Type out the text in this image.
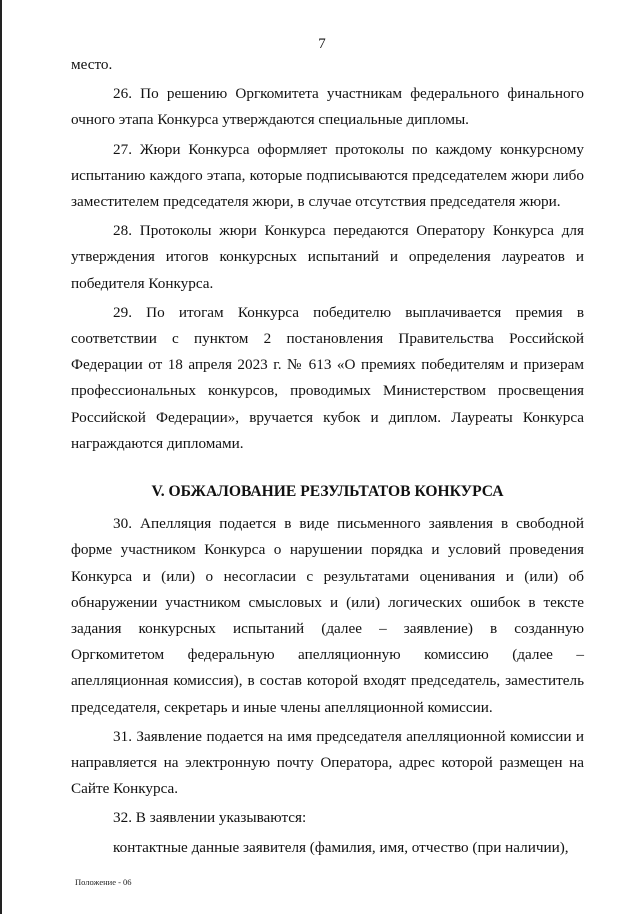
7

место.

26. По решению Оргкомитета участникам федерального финального очного этапа Конкурса утверждаются специальные дипломы.

27. Жюри Конкурса оформляет протоколы по каждому конкурсному испытанию каждого этапа, которые подписываются председателем жюри либо заместителем председателя жюри, в случае отсутствия председателя жюри.

28. Протоколы жюри Конкурса передаются Оператору Конкурса для утверждения итогов конкурсных испытаний и определения лауреатов и победителя Конкурса.

29. По итогам Конкурса победителю выплачивается премия в соответствии с пунктом 2 постановления Правительства Российской Федерации от 18 апреля 2023 г. № 613 «О премиях победителям и призерам профессиональных конкурсов, проводимых Министерством просвещения Российской Федерации», вручается кубок и диплом. Лауреаты Конкурса награждаются дипломами.

V. ОБЖАЛОВАНИЕ РЕЗУЛЬТАТОВ КОНКУРСА

30. Апелляция подается в виде письменного заявления в свободной форме участником Конкурса о нарушении порядка и условий проведения Конкурса и (или) о несогласии с результатами оценивания и (или) об обнаружении участником смысловых и (или) логических ошибок в тексте задания конкурсных испытаний (далее – заявление) в созданную Оргкомитетом федеральную апелляционную комиссию (далее – апелляционная комиссия), в состав которой входят председатель, заместитель председателя, секретарь и иные члены апелляционной комиссии.

31. Заявление подается на имя председателя апелляционной комиссии и направляется на электронную почту Оператора, адрес которой размещен на Сайте Конкурса.

32. В заявлении указываются:

контактные данные заявителя (фамилия, имя, отчество (при наличии),

Положение - 06
